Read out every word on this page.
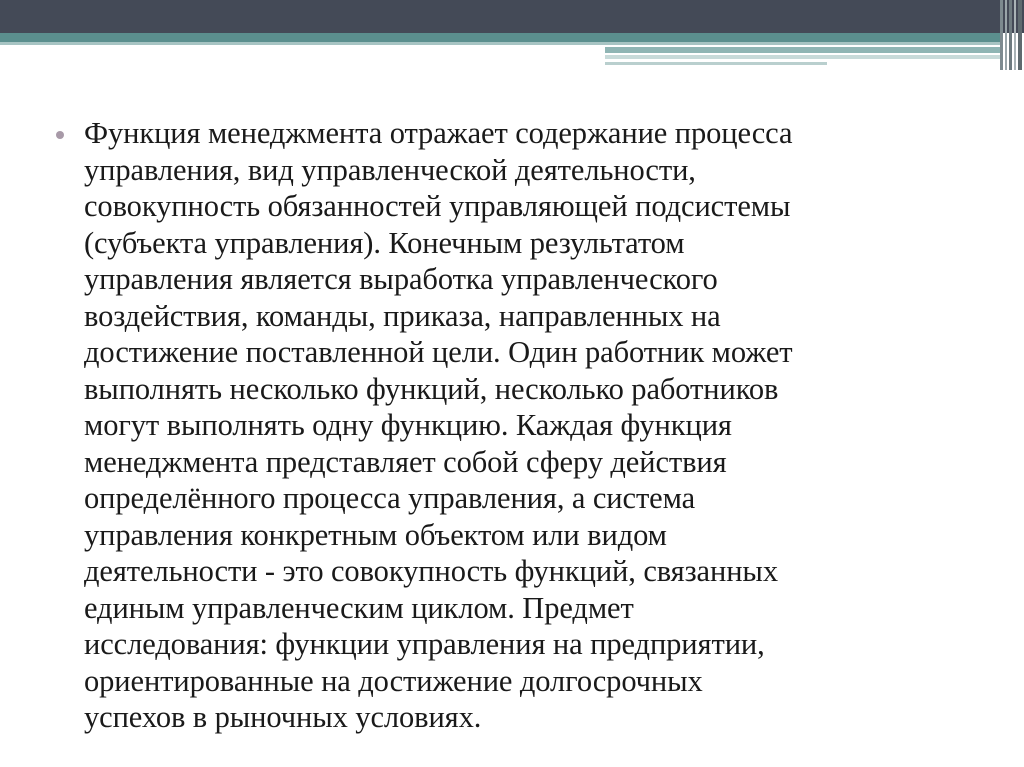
Функция менеджмента отражает содержание процесса
управления, вид управленческой деятельности,
совокупность обязанностей управляющей подсистемы
(субъекта управления). Конечным результатом
управления является выработка управленческого
воздействия, команды, приказа, направленных на
достижение поставленной цели. Один работник может
выполнять несколько функций, несколько работников
могут выполнять одну функцию. Каждая функция
менеджмента представляет собой сферу действия
определённого процесса управления, а система
управления конкретным объектом или видом
деятельности - это совокупность функций, связанных
единым управленческим циклом. Предмет
исследования: функции управления на предприятии,
ориентированные на достижение долгосрочных
успехов в рыночных условиях.
